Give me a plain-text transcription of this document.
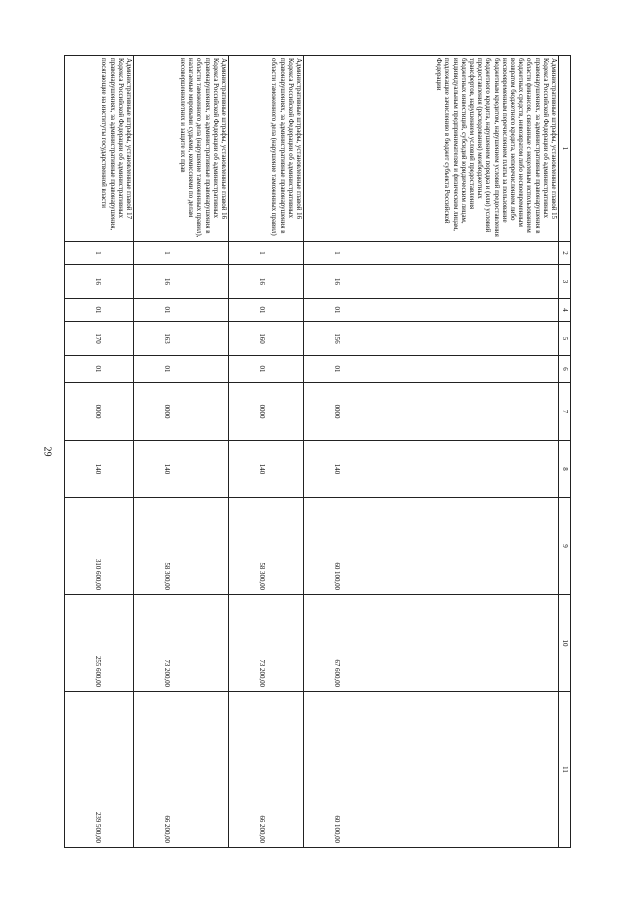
29
1	2	3	4	5	6	7	8	9	10	11
Административные штрафы, установленные главой 15 Кодекса Российской Федерации об административных правонарушениях, за административные правонарушения в области финансов, связанные с нецелевым использованием бюджетных средств, невозвратом либо несвоевременным возвратом бюджетного кредита, неперечислением либо несвоевременным перечислением платы за пользование бюджетным кредитом, нарушением условий предоставления бюджетного кредита, нарушением порядка и (или) условий предоставления (расходования) межбюджетных трансфертов, нарушением условий предоставления бюджетных инвестиций, субсидий юридическим лицам, индивидуальным предпринимателям и физическим лицам, подлежащие зачислению в бюджет субъекта Российской Федерации	1	16	01	156	01	0000	140	60 100,00	67 600,00	60 100,00
Административные штрафы, установленные главой 16 Кодекса Российской Федерации об административных правонарушениях, за административные правонарушения в области таможенного дела (нарушение таможенных правил)	1	16	01	160	01	0000	140	58 300,00	73 200,00	66 200,00
Административные штрафы, установленные главой 16 Кодекса Российской Федерации об административных правонарушениях, за административные правонарушения в области таможенного дела (нарушение таможенных правил), налагаемые мировыми судьями, комиссиями по делам несовершеннолетних и защите их прав	1	16	01	163	01	0000	140	58 300,00	73 200,00	66 200,00
Административные штрафы, установленные главой 17 Кодекса Российской Федерации об административных правонарушениях, за административные правонарушения, посягающие на институты государственной власти	1	16	01	170	01	0000	140	310 600,00	255 600,00	239 500,00
